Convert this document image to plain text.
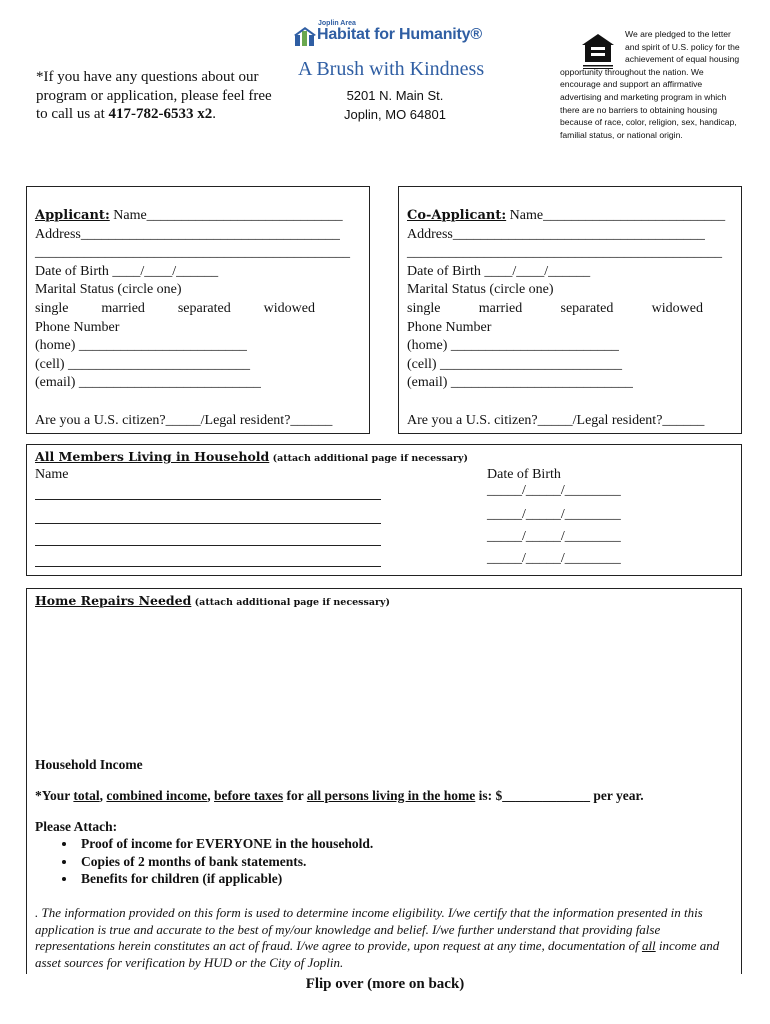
*If you have any questions about our program or application, please feel free to call us at 417-782-6533 x2.
Joplin Area
Habitat for Humanity®
A Brush with Kindness
5201 N. Main St.
Joplin, MO 64801
We are pledged to the letter and spirit of U.S. policy for the achievement of equal housing
opportunity throughout the nation. We encourage and support an affirmative advertising and marketing program in which there are no barriers to obtaining housing because of race, color, religion, sex, handicap, familial status, or national origin.
Applicant: Name____________________________
Address_____________________________________
_____________________________________________
Date of Birth ____/____/______
Marital Status (circle one)
single married separated widowed
Phone Number
(home) ________________________
(cell) __________________________
(email) __________________________
Are you a U.S. citizen?_____/Legal resident?______
Co-Applicant: Name__________________________
Address____________________________________
_____________________________________________
Date of Birth ____/____/______
Marital Status (circle one)
single	married	separated	widowed
Phone Number
(home) ________________________
(cell) __________________________
(email) __________________________
Are you a U.S. citizen?_____/Legal resident?______
All Members Living in Household (attach additional page if necessary)
Name	Date of Birth
_____/_____/________
_____/_____/________
_____/_____/________
_____/_____/________
Home Repairs Needed (attach additional page if necessary)
Household Income
*Your total, combined income, before taxes for all persons living in the home is: $_____________ per year.
Please Attach:
• Proof of income for EVERYONE in the household.
• Copies of 2 months of bank statements.
• Benefits for children (if applicable)
. The information provided on this form is used to determine income eligibility. I/we certify that the information presented in this application is true and accurate to the best of my/our knowledge and belief. I/we further understand that providing false representations herein constitutes an act of fraud. I/we agree to provide, upon request at any time, documentation of all income and asset sources for verification by HUD or the City of Joplin.
Flip over (more on back)
